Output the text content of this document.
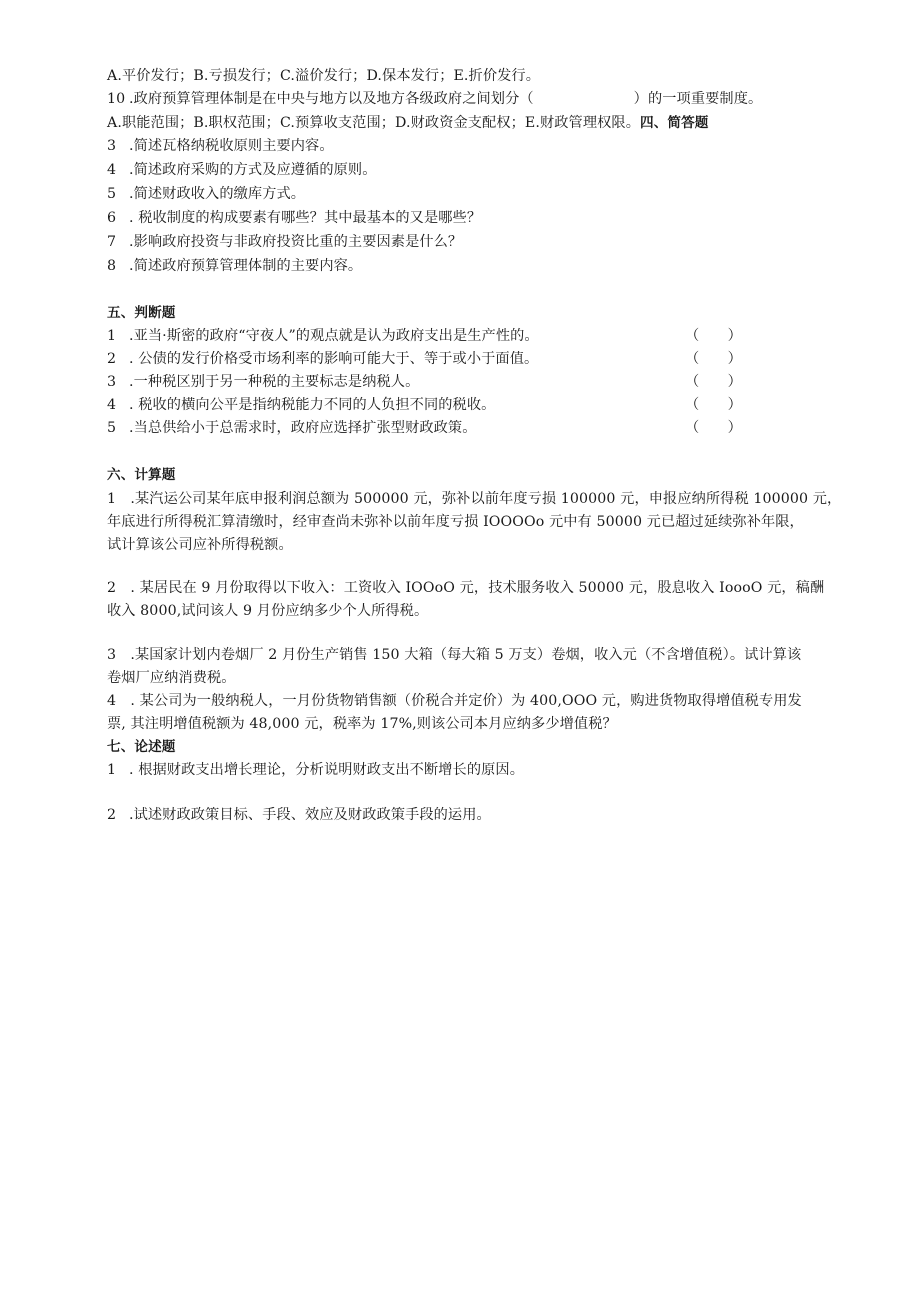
A.平价发行；B.亏损发行；C.溢价发行；D.保本发行；E.折价发行。
10 .政府预算管理体制是在中央与地方以及地方各级政府之间划分（　　　　　　　）的一项重要制度。
A.职能范围；B.职权范围；C.预算收支范围；D.财政资金支配权；E.财政管理权限。四、简答题
3 .简述瓦格纳税收原则主要内容。
4 .简述政府采购的方式及应遵循的原则。
5 .简述财政收入的缴库方式。
6 . 税收制度的构成要素有哪些？其中最基本的又是哪些？
7 .影响政府投资与非政府投资比重的主要因素是什么？
8 .简述政府预算管理体制的主要内容。
五、判断题
1 .亚当·斯密的政府“守夜人”的观点就是认为政府支出是生产性的。	（　　）
2 . 公债的发行价格受市场利率的影响可能大于、等于或小于面值。	（　　）
3 .一种税区别于另一种税的主要标志是纳税人。	（　　）
4 . 税收的横向公平是指纳税能力不同的人负担不同的税收。	（　　）
5 .当总供给小于总需求时，政府应选择扩张型财政政策。	（　　）
六、计算题
1　.某汽运公司某年底申报利润总额为 500000 元，弥补以前年度亏损 100000 元，申报应纳所得税 100000 元，
年底进行所得税汇算清缴时，经审查尚未弥补以前年度亏损 IOOOOo 元中有 50000 元已超过延续弥补年限，
试计算该公司应补所得税额。
2　. 某居民在 9 月份取得以下收入：工资收入 IOOoO 元，技术服务收入 50000 元，股息收入 IoooO 元，稿酬
收入 8000,试问该人 9 月份应纳多少个人所得税。
3　.某国家计划内卷烟厂 2 月份生产销售 150 大箱（每大箱 5 万支）卷烟，收入元（不含增值税）。试计算该
卷烟厂应纳消费税。
4　. 某公司为一般纳税人，一月份货物销售额（价税合并定价）为 400,OOO 元，购进货物取得增值税专用发
票, 其注明增值税额为 48,000 元，税率为 17%,则该公司本月应纳多少增值税？
七、论述题
1 . 根据财政支出增长理论，分析说明财政支出不断增长的原因。
2 .试述财政政策目标、手段、效应及财政政策手段的运用。
